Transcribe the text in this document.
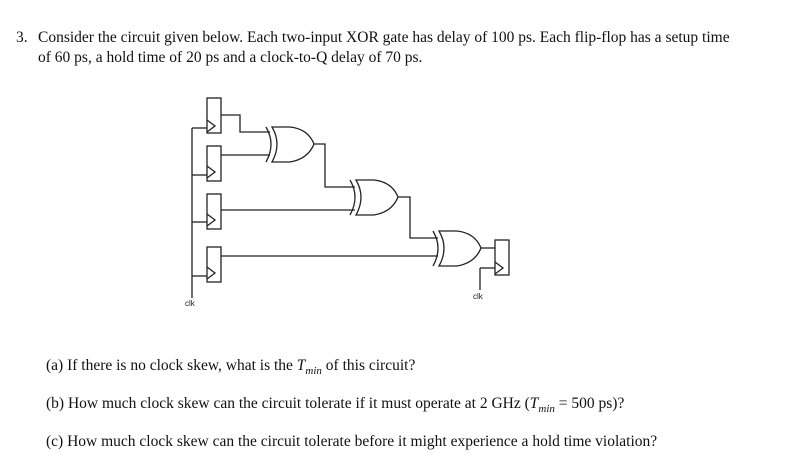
3. Consider the circuit given below. Each two-input XOR gate has delay of 100 ps. Each flip-flop has a setup time
of 60 ps, a hold time of 20 ps and a clock-to-Q delay of 70 ps.
clk
clk
(a) If there is no clock skew, what is the $T_{min}$ of this circuit?
(b) How much clock skew can the circuit tolerate if it must operate at 2 GHz ($T_{min} = 500$ ps)?
(c) How much clock skew can the circuit tolerate before it might experience a hold time violation?
